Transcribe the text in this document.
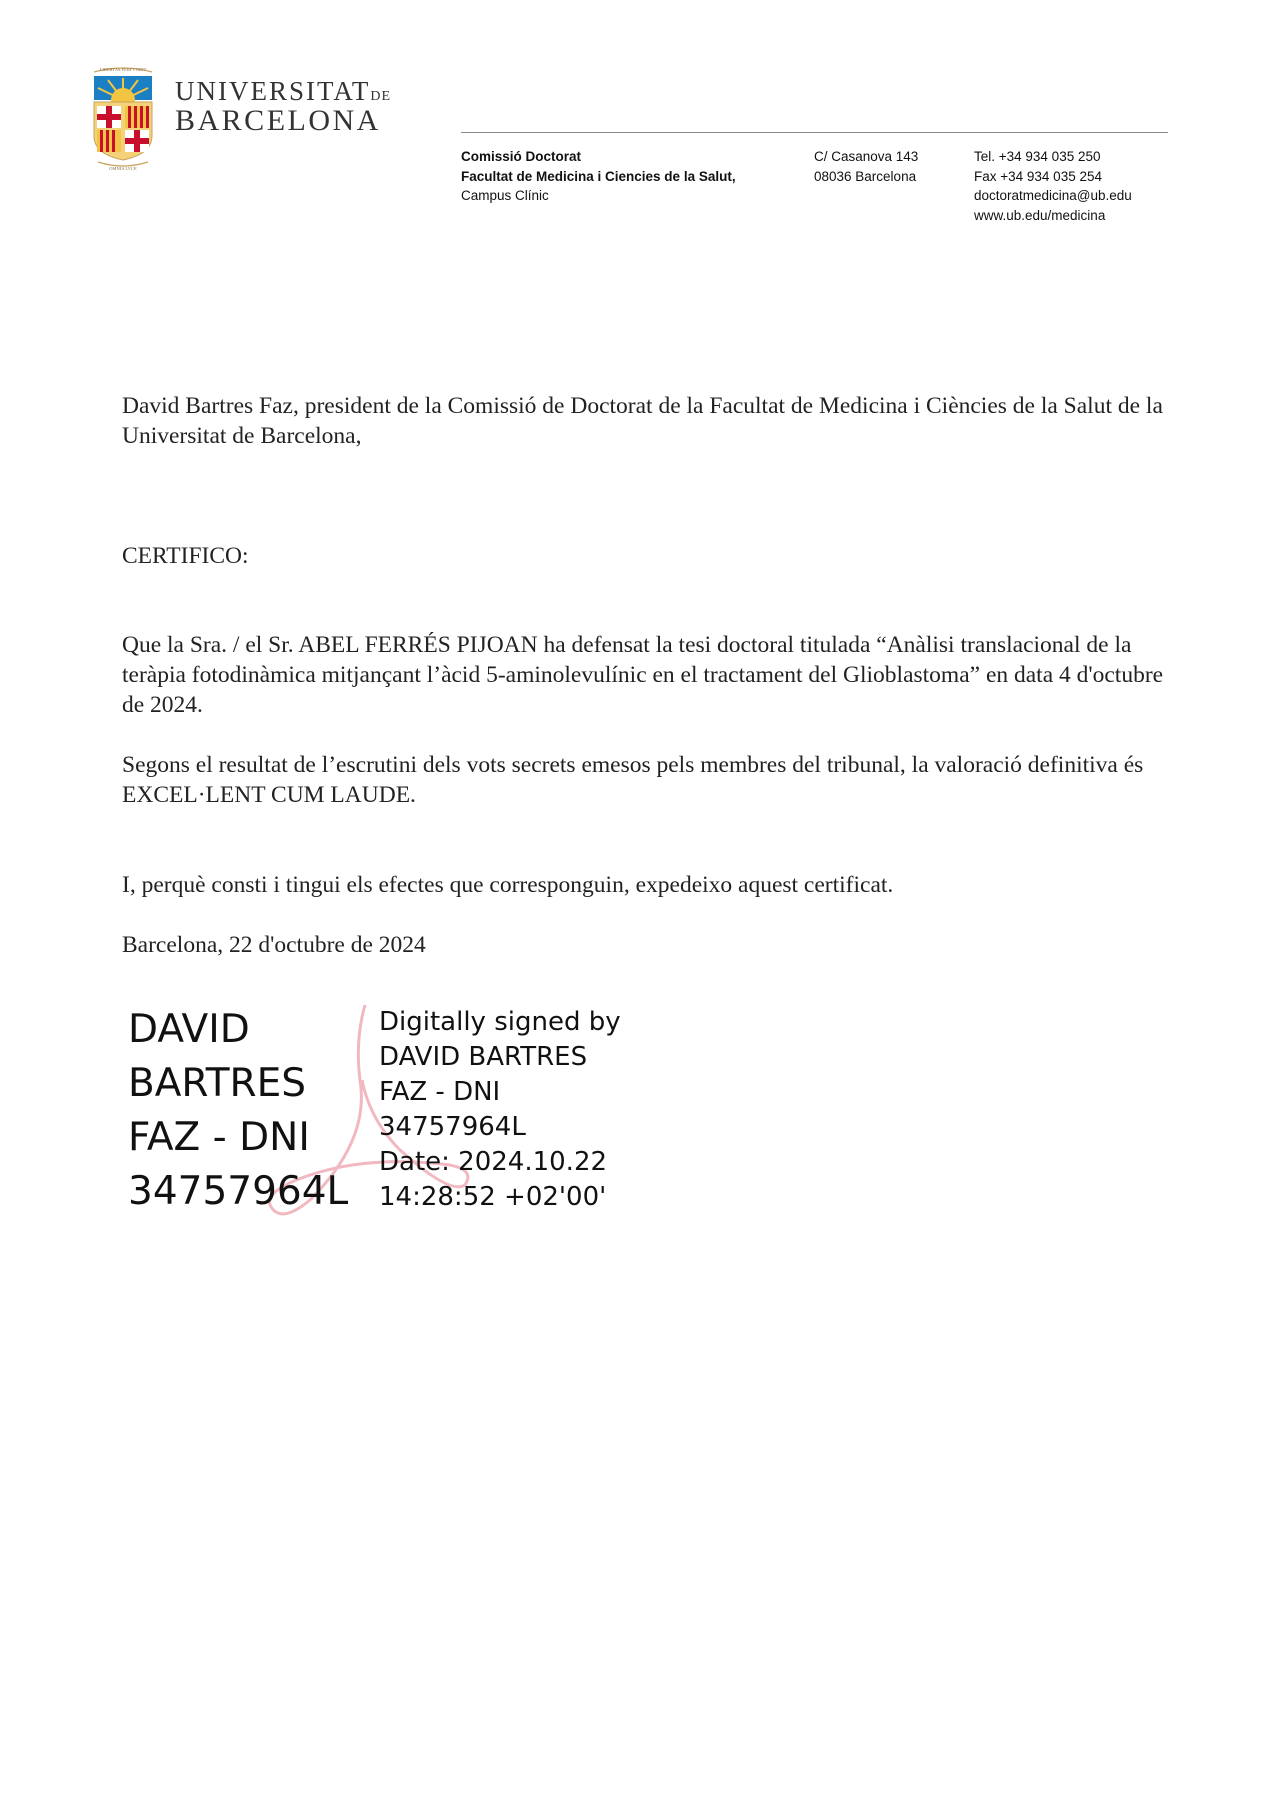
LIBERTAS PERFVNDIT
OMNIA LVCE
UNIVERSITATDE
BARCELONA
Comissió Doctorat
Facultat de Medicina i Ciencies de la Salut,
Campus Clínic
C/ Casanova 143
08036 Barcelona
Tel. +34 934 035 250
Fax +34 934 035 254
doctoratmedicina@ub.edu
www.ub.edu/medicina
David Bartres Faz, president de la Comissió de Doctorat de la Facultat de Medicina i Ciències de la Salut de la Universitat de Barcelona,
CERTIFICO:
Que la Sra. / el Sr. ABEL FERRÉS PIJOAN ha defensat la tesi doctoral titulada “Anàlisi translacional de la teràpia fotodinàmica mitjançant l’àcid 5-aminolevulínic en el tractament del Glioblastoma” en data 4 d'octubre de 2024.
Segons el resultat de l’escrutini dels vots secrets emesos pels membres del tribunal, la valoració definitiva és EXCEL·LENT CUM LAUDE.
I, perquè consti i tingui els efectes que corresponguin, expedeixo aquest certificat.
Barcelona, 22 d'octubre de 2024
DAVID
BARTRES
FAZ - DNI
34757964L
Digitally signed by
DAVID BARTRES
FAZ - DNI
34757964L
Date: 2024.10.22
14:28:52 +02'00'
